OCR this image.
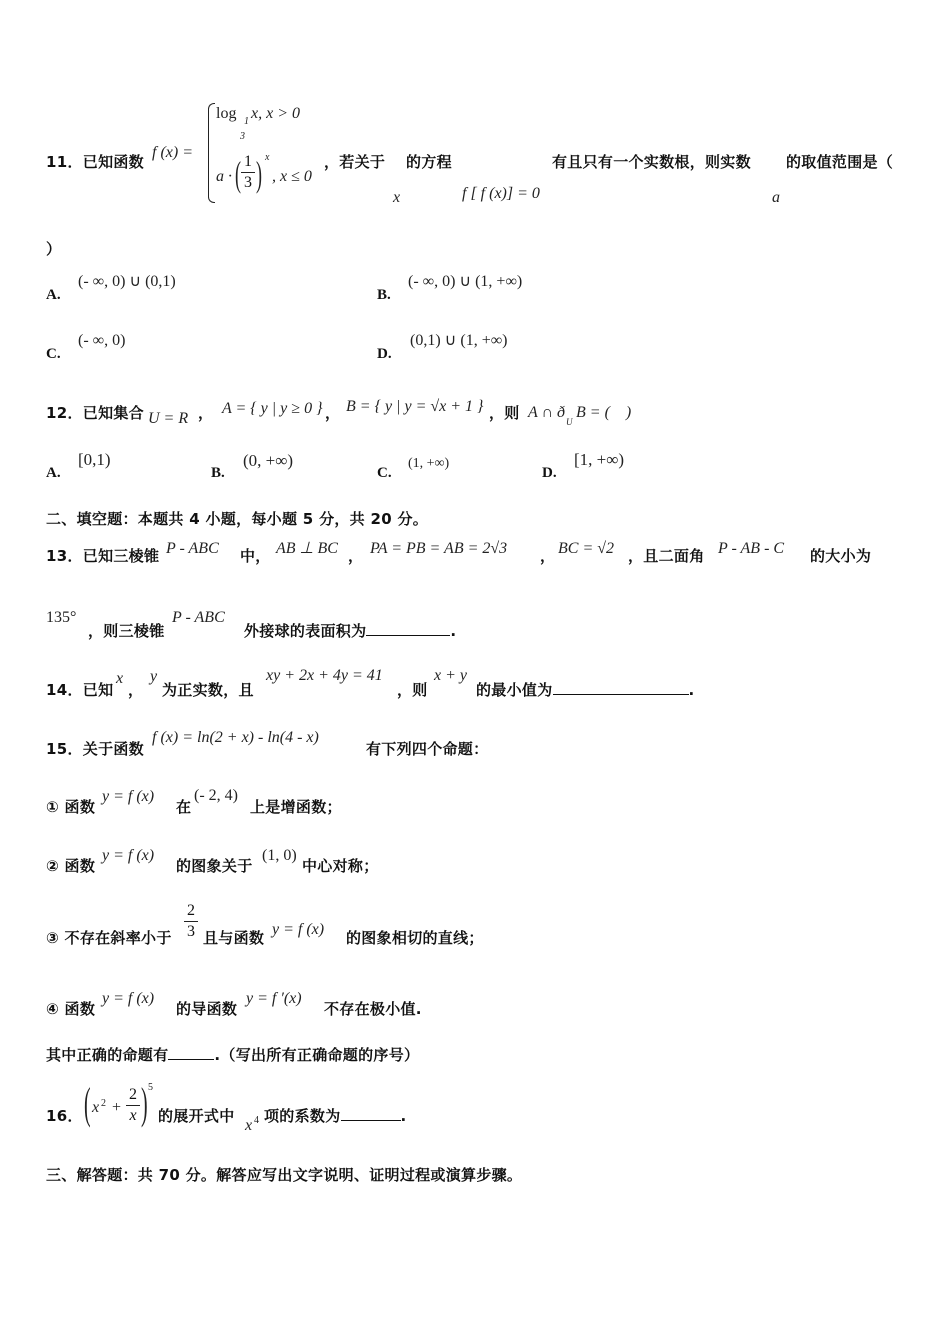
11．已知函数
f (x) =
log 1
3
x, x > 0
a · ( 1
3 ) x
, x ≤ 0
，若关于
x
的方程
f [ f (x)] = 0
有且只有一个实数根，则实数
a
的取值范围是（
）
A.
(- ∞, 0) ∪ (0,1)
B.
(- ∞, 0) ∪ (1, +∞)
C.
(- ∞, 0)
D.
(0,1) ∪ (1, +∞)
12．已知集合 U = R ， A = { y | y ≥ 0 } ， B = { y | y = √x + 1 } ，则 A ∩ ð
U
B = (　)
A.
[0,1)
B.
(0, +∞)
C.
(1, +∞)
D.
[1, +∞)
二、填空题：本题共 4 小题，每小题 5 分，共 20 分。
13．已知三棱锥 P - ABC 中， AB ⊥ BC ， PA = PB = AB = 2√3 ， BC = √2 ，且二面角 P - AB - C 的大小为
135°
，则三棱锥
P - ABC
外接球的表面积为	.
14．已知
x
，
y
为正实数，且
xy + 2x + 4y = 41
，则
x + y
的最小值为	.
15．关于函数
f (x) = ln(2 + x) - ln(4 - x)
有下列四个命题：
① 函数
y = f (x)
在
(- 2, 4)
上是增函数；
② 函数
y = f (x)
的图象关于
(1, 0)
中心对称；
③ 不存在斜率小于
2
3 且与函数 y = f (x) 的图象相切的直线；
④ 函数
y = f (x)
的导函数
y = f ′(x)
不存在极小值.
其中正确的命题有	.（写出所有正确命题的序号）
16． ( x 2 +
2
x ) 5
的展开式中
x 4 项的系数为	.
三、解答题：共 70 分。解答应写出文字说明、证明过程或演算步骤。
